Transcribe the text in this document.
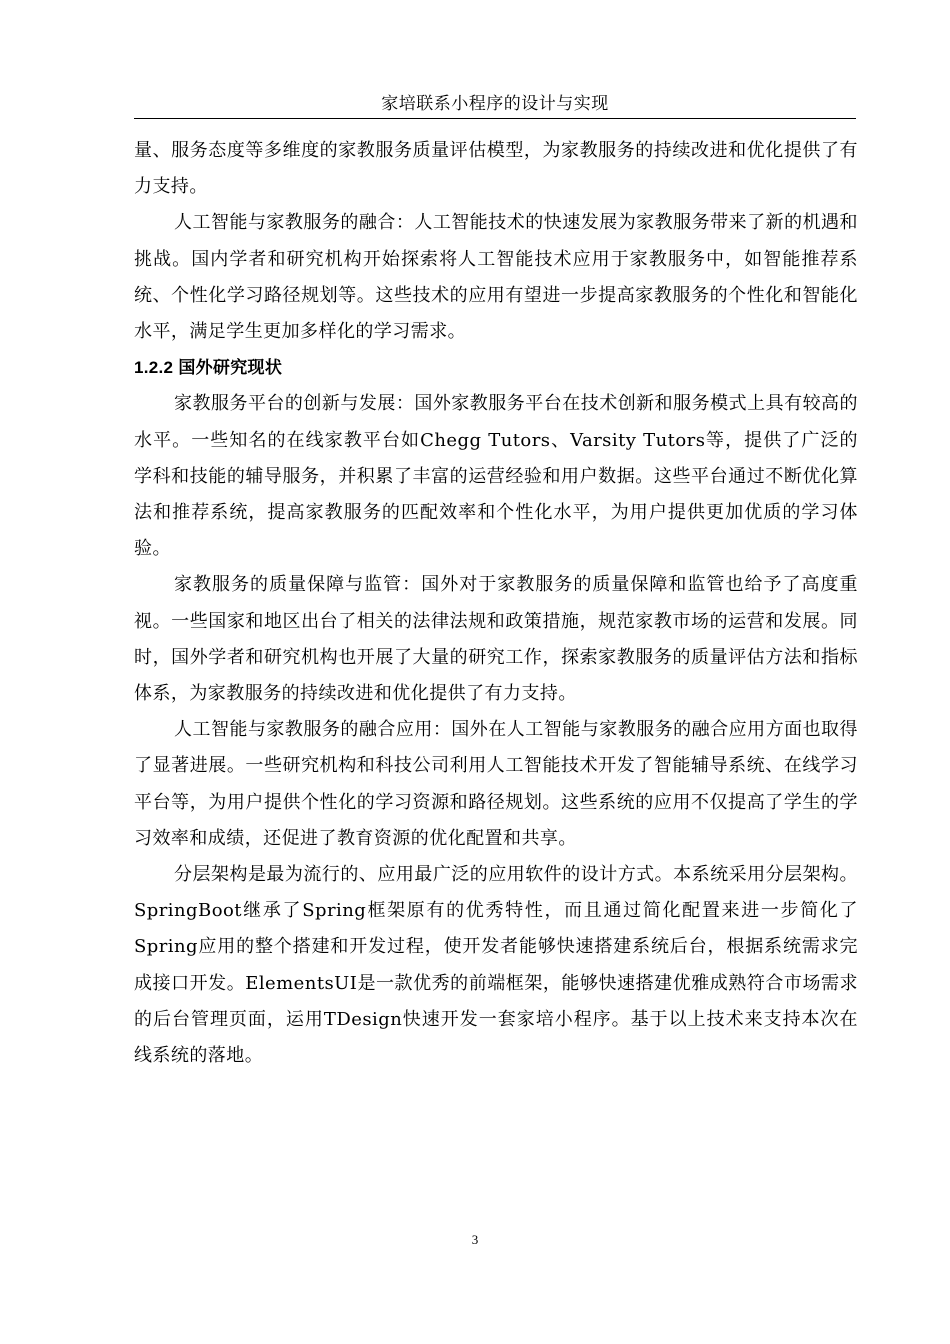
家培联系小程序的设计与实现

量、服务态度等多维度的家教服务质量评估模型，为家教服务的持续改进和优化提供了有力支持。

人工智能与家教服务的融合：人工智能技术的快速发展为家教服务带来了新的机遇和挑战。国内学者和研究机构开始探索将人工智能技术应用于家教服务中，如智能推荐系统、个性化学习路径规划等。这些技术的应用有望进一步提高家教服务的个性化和智能化水平，满足学生更加多样化的学习需求。

1.2.2 国外研究现状

家教服务平台的创新与发展：国外家教服务平台在技术创新和服务模式上具有较高的水平。一些知名的在线家教平台如Chegg Tutors、Varsity Tutors等，提供了广泛的学科和技能的辅导服务，并积累了丰富的运营经验和用户数据。这些平台通过不断优化算法和推荐系统，提高家教服务的匹配效率和个性化水平，为用户提供更加优质的学习体验。

家教服务的质量保障与监管：国外对于家教服务的质量保障和监管也给予了高度重视。一些国家和地区出台了相关的法律法规和政策措施，规范家教市场的运营和发展。同时，国外学者和研究机构也开展了大量的研究工作，探索家教服务的质量评估方法和指标体系，为家教服务的持续改进和优化提供了有力支持。

人工智能与家教服务的融合应用：国外在人工智能与家教服务的融合应用方面也取得了显著进展。一些研究机构和科技公司利用人工智能技术开发了智能辅导系统、在线学习平台等，为用户提供个性化的学习资源和路径规划。这些系统的应用不仅提高了学生的学习效率和成绩，还促进了教育资源的优化配置和共享。

分层架构是最为流行的、应用最广泛的应用软件的设计方式。本系统采用分层架构。SpringBoot继承了Spring框架原有的优秀特性，而且通过简化配置来进一步简化了Spring应用的整个搭建和开发过程，使开发者能够快速搭建系统后台，根据系统需求完成接口开发。ElementsUI是一款优秀的前端框架，能够快速搭建优雅成熟符合市场需求的后台管理页面，运用TDesign快速开发一套家培小程序。基于以上技术来支持本次在线系统的落地。

3
